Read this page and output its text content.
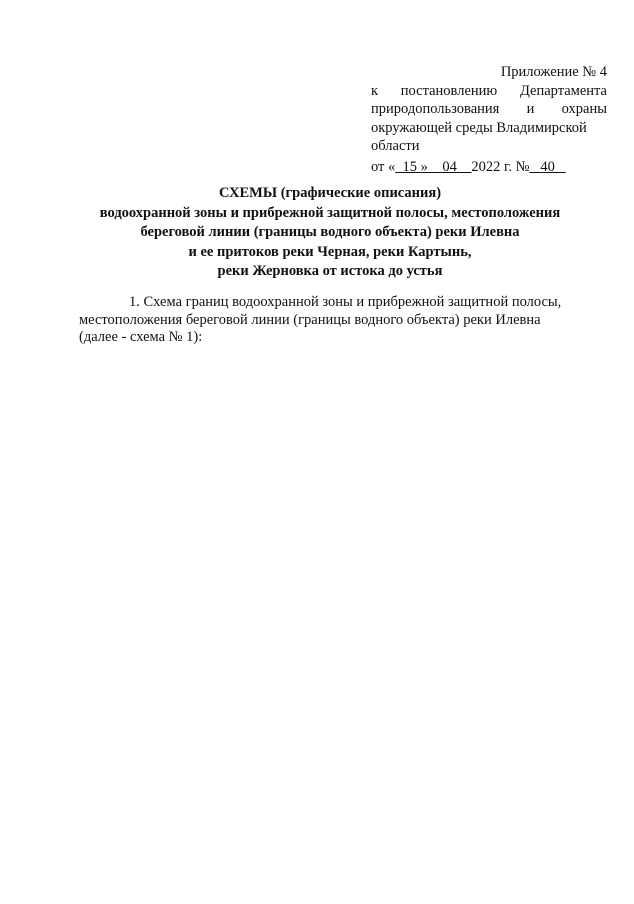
Приложение № 4
к постановлению Департамента
природопользования и охраны
окружающей среды Владимирской
области
от « 15 » 04 2022 г. № 40
СХЕМЫ (графические описания)
водоохранной зоны и прибрежной защитной полосы, местоположения
береговой линии (границы водного объекта) реки Илевна
и ее притоков реки Черная, реки Картынь,
реки Жерновка от истока до устья
1. Схема границ водоохранной зоны и прибрежной защитной полосы,
местоположения береговой линии (границы водного объекта) реки Илевна
(далее - схема № 1):
